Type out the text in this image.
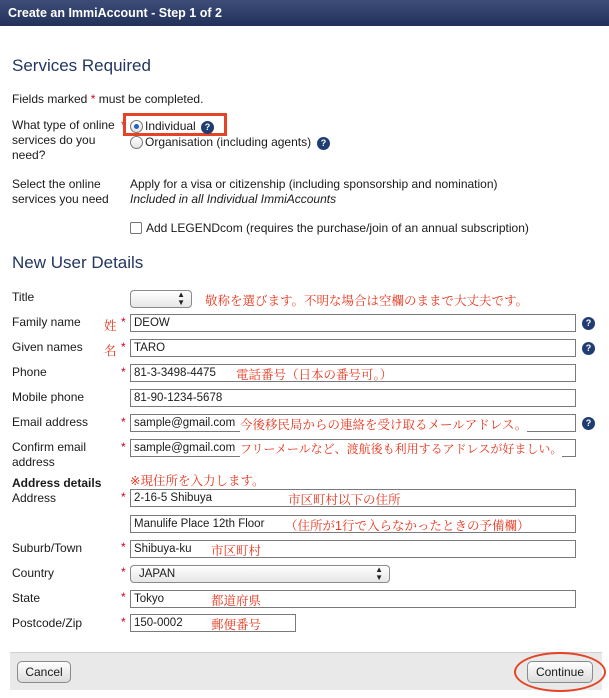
Create an ImmiAccount - Step 1 of 2
Services Required
Fields marked * must be completed.
What type of online services do you need?
* Individual	?
Organisation (including agents)	?
Select the online services you need
Apply for a visa or citizenship (including sponsorship and nomination)
Included in all Individual ImmiAccounts
Add LEGENDcom (requires the purchase/join of an annual subscription)
New User Details
Title	▲
▼ 敬称を選びます。不明な場合は空欄のままで大丈夫です。
Family name	姓 * DEOW	?
Given names	名 * TARO	?
Phone	* 81-3-3498-4475	電話番号（日本の番号可。）
Mobile phone	81-90-1234-5678
Email address	* sample@gmail.com 今後移民局からの連絡を受け取るメールアドレス。	?
Confirm email address
* sample@gmail.com フリーメールなど、渡航後も利用するアドレスが好ましい。
Address details	※現住所を入力します。
Address	* 2-16-5 Shibuya	市区町村以下の住所
Manulife Place 12th Floor	（住所が1行で入らなかったときの予備欄）
Suburb/Town	* Shibuya-ku	市区町村
Country	*	JAPAN	▲
▼
State	* Tokyo	都道府県
Postcode/Zip	* 150-0002	郵便番号
Cancel	Continue
